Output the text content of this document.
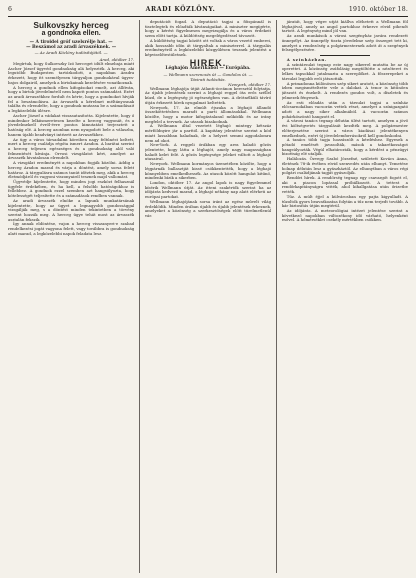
6	ARADI KÖZLÖNY.	1910. október 18.
Sulkovszky herceg
a gondnoka ellen.
— A tiroidei gróf uzelsrélje hat. —
— Beszámol az aradi árvaszéknek. —
— Az Aradi Közlöny tudósítójától. —
Arad, október 17.

Megírtuk, hogy Sulkovszky Izó herceget idült elmebaja miatt Ascher József ügyvéd gondnokság alá helyezték. A herceg, aki legutóbb Budapesten tartózkodott, a napokban Aradra érkezett, hogy itt személyesen tárgyaljon gondnokával ügyes-bajos dolgairól, amelyek a birtokainak kezelésére vonatkoznak.

A herceg a gondnok ellen kifogásokat emelt, azt állítván, hogy a birtok jövedelméről nem kapott pontos számadást. Ezért az aradi árvaszékhez fordult és kérte, hogy a gondnokot hívják fel a beszámolásra. Az árvaszék a kérelmet méltányosnak találta és elrendelte, hogy a gondnok mutassa be a számadásait a legközelebbi ülésre.

Ascher József a vádakat visszautasította. Kijelentette, hogy ő mindenkor lelkiismeretesen kezelte a herceg vagyonát, és a jövedelmekről évről-évre pontos kimutatást terjesztett a hatóság elé. A herceg azonban nem nyugodott bele a válaszba, hanem újabb beadványt intézett az árvaszékhez.

Az ügy a város társadalmi köreiben nagy feltűnést keltett, mert a herceg családja régóta ismert Aradon. A barátai szerint a herceg teljesen egészséges és a gondnokság alól való felmentését kívánja. Orvosi vizsgálatot kért, amelyet az árvaszék hivatalosan elrendelt.

A vizsgálat eredményét a napokban fogják közölni. Addig a herceg Aradon marad és várja a döntést, amely sorsa felett határoz. A tárgyalásra számos tanút idéztek meg, akik a herceg életmódjáról és vagyoni viszonyairól tesznek majd vallomást.

Ügyvédje kijelentette, hogy minden jogi eszközt felhasznál ügyfele érdekében, és ha kell, a felsőbb hatóságokhoz is fellebbez. A gondnok ezzel szemben azt hangsúlyozta, hogy kötelességét teljesítette és a számadások rendben vannak.

Az aradi árvaszék elnöke a lapunk munkatársának kijelentette, hogy az ügyet a legnagyobb gondossággal vizsgálják meg, s a döntést minden tekintetben a törvény szerint hozzák meg. A herceg ügye tehát most az árvaszék asztalán fekszik.

Így annak eldöntése, vajon a herceg visszanyeri-e szabad rendelkezési jogát vagyona felett, vagy továbbra is gondnokság alatt marad, a legközelebbi napok feladata lesz.

deputációt fogad. A deputáció tagjai a főispánnál is tisztelegtek és előadták kívánságaikat. A miniszter megígérte, hogy a kérést figyelmesen megvizsgálja és a város érdekeit szem előtt tartja. A küldöttség megelégedéssel távozott.

A küldöttség tagjai között ott voltak a város vezető emberei, akik hosszabb időn át tárgyaltak a miniszterrel. A tárgyalás eredményéről a legközelebbi közgyűlésen tesznek jelentést a képviselőtestületnek.

HIREK.
Léghajón Amerikából — Európába.
— Wellmann szerencsés út — Gondolos út. —
Távirati tudósítás.
Newyork, október 17.

Wellmann léghajója útját Atlanti-óceánon keresztül folytatja. Az újabb jelentések szerint a léghajó reggel óta erős széllel küzd, de a legénység jó egészségben van. A drótnélküli távíró útján érkezett hírek nyugalmat keltettek.

Newyork, 17. Az elmúlt éjszaka a léghajó állandó összeköttetésben maradt a parti állomásokkal. Wellmann közölte, hogy a motor kifogástalanul működik és az irány megfelel a tervnek. Az utasok bizakodnak.

A Wellmann által vezetett léghajó mintegy kétszáz mérföldnyire jár a parttól. A kapitány jelentése szerint a köd miatt lassabban haladnak, de a helyzet semmi aggodalomra nem ad okot.

New-York. A reggeli órákban egy arra haladó gőzös jelentette, hogy látta a léghajót, amely nagy magasságban haladt kelet felé. A gőzös legénysége jeleket váltott a léghajó utasaival.

Newyork. Wellmann kormányos üzenetében közölte, hogy a légpárnák ballasztját kissé csökkentették, hogy a léghajó könnyebben emelkedhessék. Az utasok között hangulat kitűnő, mindenki bízik a sikerben.

London, október 17. Az angol lapok is nagy figyelemmel kísérik Wellmann útját. Az itteni szakértők szerint ha az időjárás kedvező marad, a léghajó néhány nap alatt elérheti az európai partokat.

Wellmann léghajójának sorsa iránt az egész művelt világ érdeklődik. Minden órában újabb és újabb jelentések érkeznek, amelyeket a közönség a szerkesztőségek előtt türelmetlenül vár.

járatát, hogy végre utját kiállva eléhetett a Wellmann föl léghajóval, amely az angol partokhoz érkezve rövid pihenőt tartott. A legénység mind jól van.

Az aradi munkások a városi szegényház javára rendezett ünnepélyt. Az ünnepély tiszta jövedelme szép összeget tett ki, amelyet a rendezőség a polgármesternek adott át a szegények felsegélyezésére.

A színházban.

A színtársulat tegnap este nagy sikerrel mutatta be az új operettet. A közönség zsúfolásig megtöltötte a nézőteret és lelkes tapsokkal jutalmazta a szereplőket. A főszerepeket a társulat legjobb erői játszották.

A primadonna különösen szép sikert aratott, a közönség több ízben megismételtette vele a dalokat. A tenor is kitűnően játszott és énekelt. A rendezés gondos volt, a díszletek és jelmezek fényesek.

Az esti előadás után a társulat tagjai a színház előcsarnokában vacsorán vettek részt, amelyet a színigazgató adott a nagy siker alkalmából. A vacsorán számos pohárköszöntő hangzott el.

A városi tanács tegnap délután ülést tartott, amelyen a jövő évi költségvetés tárgyalását kezdték meg. A polgármester előterjesztése szerint a város kiadásai jelentékenyen emelkednek, ezért új jövedelemforrásokról kell gondoskodni.

A tanács több tagja hozzászólt a kérdéshez. Egyesek a pótadó emelését javasolták, mások a takarékosságot hangsúlyozták. Végül elhatározták, hogy a kérdést a pénzügyi bizottság elé utalják.

Halálozás. Özvegy Szabó Józsefné, született Kovács Anna, életének 78-ik évében rövid szenvedés után elhunyt. Temetése holnap délután lesz a gyászháztól. Az elhunytban a város régi polgári családjának tagját gyászolják.

Rendőri hírek. A rendőrség tegnap egy csavargót fogott el, aki a piacon lopással próbálkozott. A tettest a rendőrkapitányságra vitték, ahol kihallgatása után őrizetbe vették.

Tűz. A múlt éjjel a külvárosban egy pajta kigyulladt. A tűzoltók gyors beavatkozása folytán a tűz nem terjedt tovább. A kár biztosítás útján megtérül.

Az időjárás. A meteorológiai intézet jelentése szerint a következő napokban változékony idő várható, helyenként esővel. A hőmérséklet csekély mértékben csökken.
